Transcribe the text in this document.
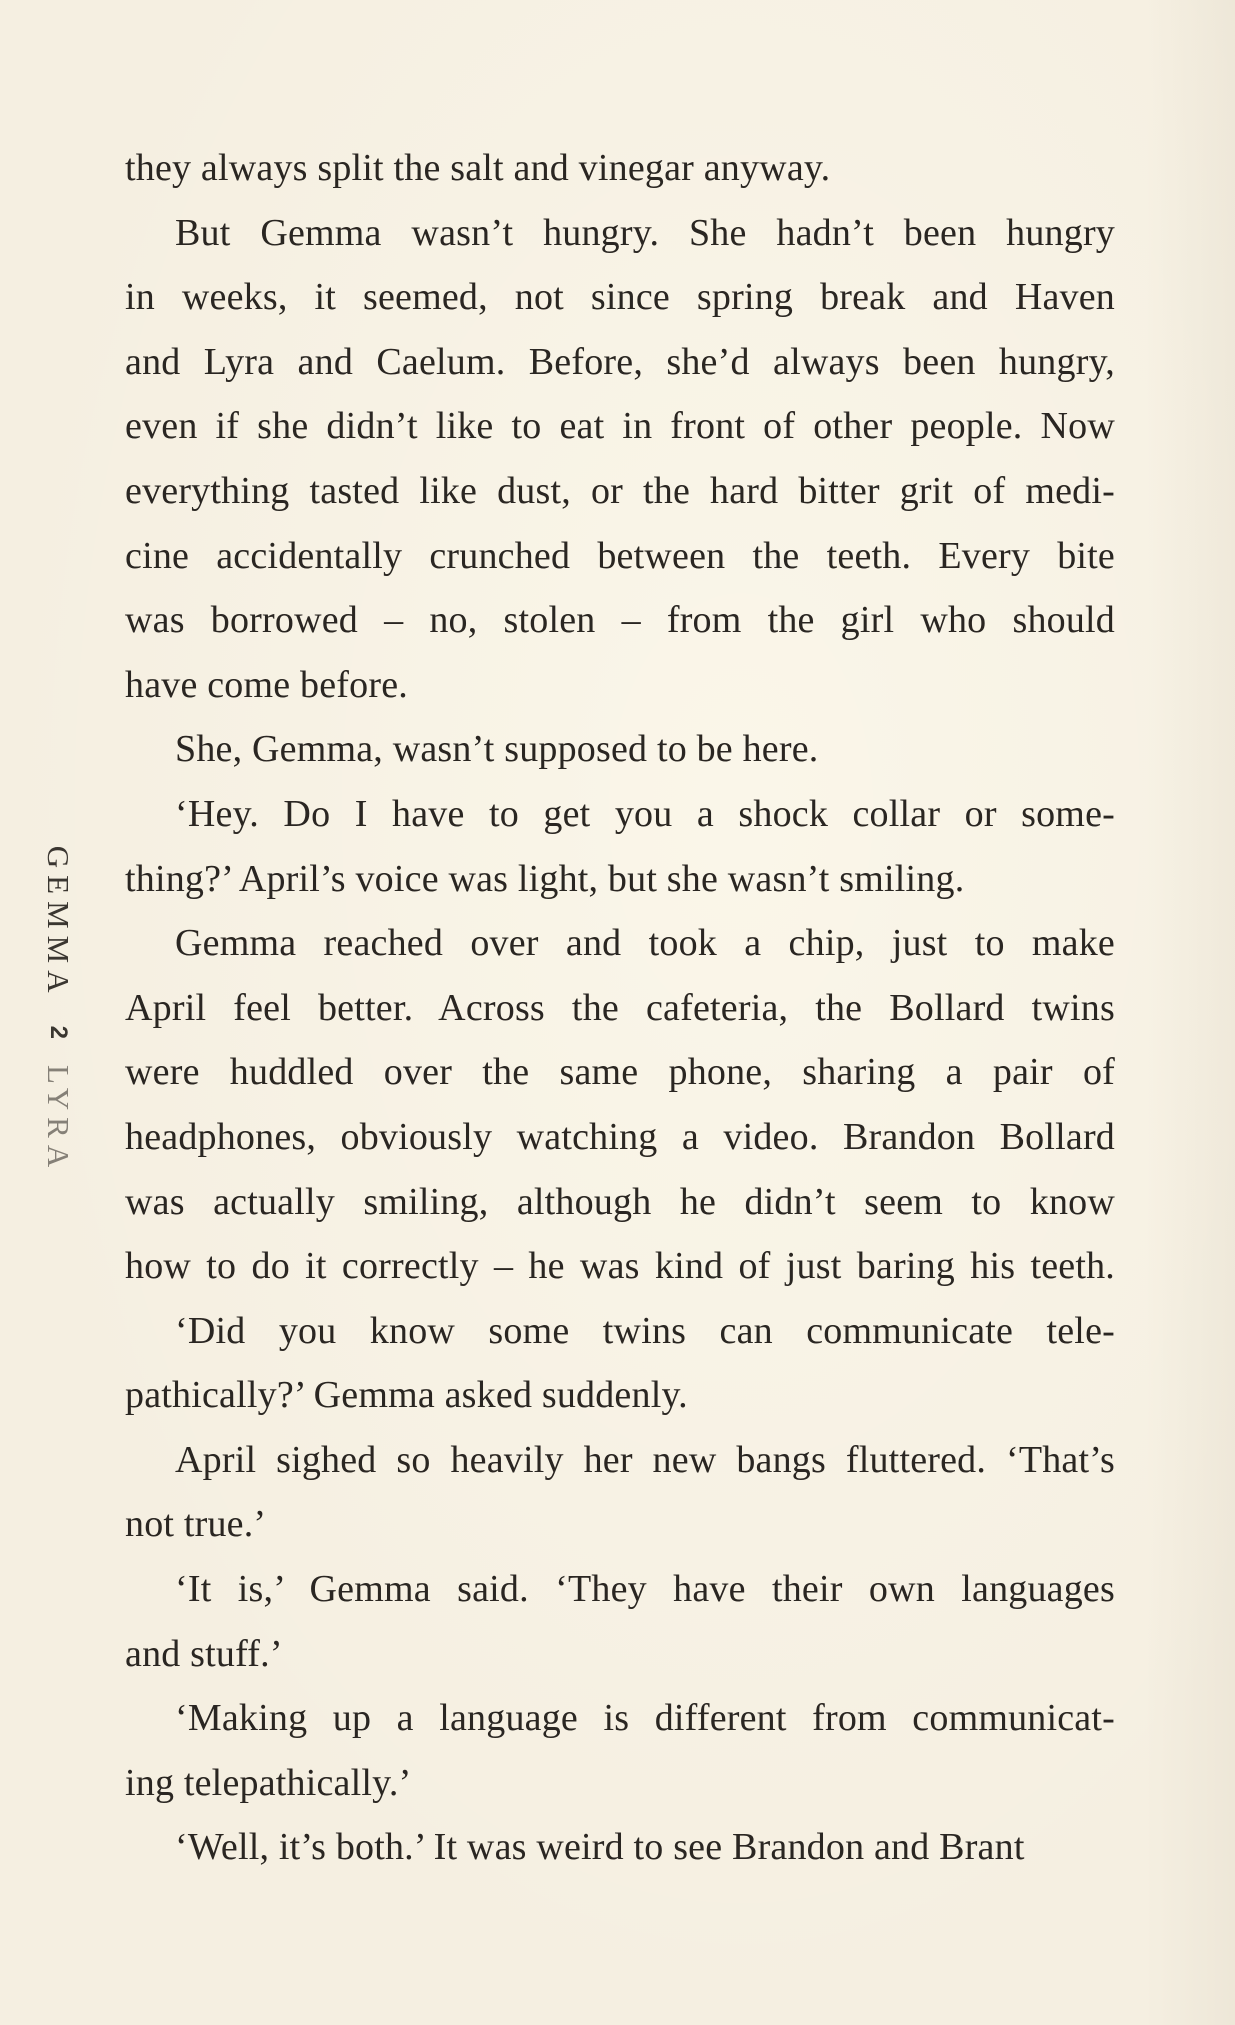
GEMMA
2
LYRA
they always split the salt and vinegar anyway.
But Gemma wasn’t hungry. She hadn’t been hungry
in weeks, it seemed, not since spring break and Haven
and Lyra and Caelum. Before, she’d always been hungry,
even if she didn’t like to eat in front of other people. Now
everything tasted like dust, or the hard bitter grit of medi-
cine accidentally crunched between the teeth. Every bite
was borrowed – no, stolen – from the girl who should
have come before.
She, Gemma, wasn’t supposed to be here.
‘Hey. Do I have to get you a shock collar or some-
thing?’ April’s voice was light, but she wasn’t smiling.
Gemma reached over and took a chip, just to make
April feel better. Across the cafeteria, the Bollard twins
were huddled over the same phone, sharing a pair of
headphones, obviously watching a video. Brandon Bollard
was actually smiling, although he didn’t seem to know
how to do it correctly – he was kind of just baring his teeth.
‘Did you know some twins can communicate tele-
pathically?’ Gemma asked suddenly.
April sighed so heavily her new bangs fluttered. ‘That’s
not true.’
‘It is,’ Gemma said. ‘They have their own languages
and stuff.’
‘Making up a language is different from communicat-
ing telepathically.’
‘Well, it’s both.’ It was weird to see Brandon and Brant
